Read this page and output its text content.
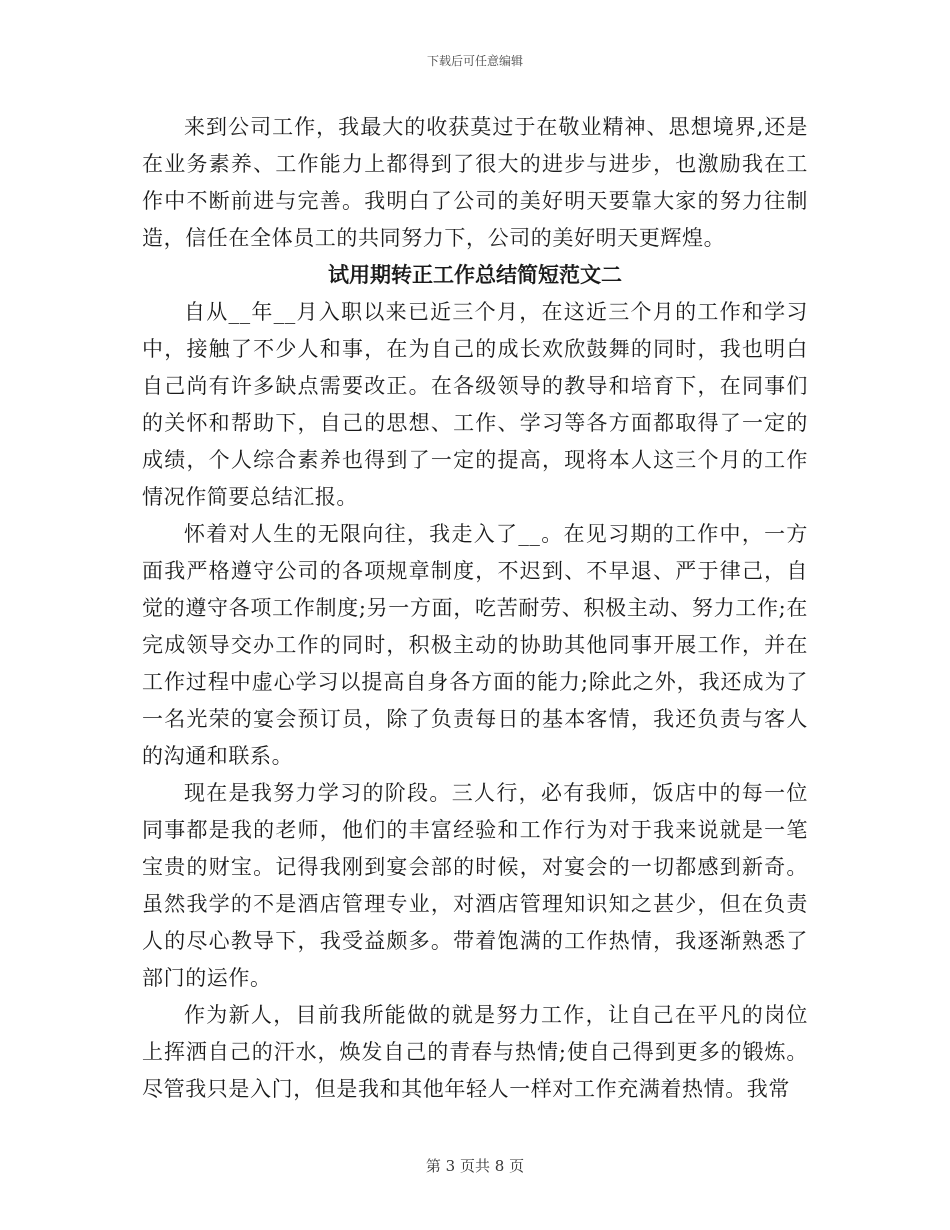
下载后可任意编辑

来到公司工作，我最大的收获莫过于在敬业精神、思想境界,还是在业务素养、工作能力上都得到了很大的进步与进步，也激励我在工作中不断前进与完善。我明白了公司的美好明天要靠大家的努力往制造，信任在全体员工的共同努力下，公司的美好明天更辉煌。

试用期转正工作总结简短范文二

自从__年__月入职以来已近三个月，在这近三个月的工作和学习中，接触了不少人和事，在为自己的成长欢欣鼓舞的同时，我也明白自己尚有许多缺点需要改正。在各级领导的教导和培育下，在同事们的关怀和帮助下，自己的思想、工作、学习等各方面都取得了一定的成绩，个人综合素养也得到了一定的提高，现将本人这三个月的工作情况作简要总结汇报。

怀着对人生的无限向往，我走入了__。在见习期的工作中，一方面我严格遵守公司的各项规章制度，不迟到、不早退、严于律己，自觉的遵守各项工作制度;另一方面，吃苦耐劳、积极主动、努力工作;在完成领导交办工作的同时，积极主动的协助其他同事开展工作，并在工作过程中虚心学习以提高自身各方面的能力;除此之外，我还成为了一名光荣的宴会预订员，除了负责每日的基本客情，我还负责与客人的沟通和联系。

现在是我努力学习的阶段。三人行，必有我师，饭店中的每一位同事都是我的老师，他们的丰富经验和工作行为对于我来说就是一笔宝贵的财宝。记得我刚到宴会部的时候，对宴会的一切都感到新奇。虽然我学的不是酒店管理专业，对酒店管理知识知之甚少，但在负责人的尽心教导下，我受益颇多。带着饱满的工作热情，我逐渐熟悉了部门的运作。

作为新人，目前我所能做的就是努力工作，让自己在平凡的岗位上挥洒自己的汗水，焕发自己的青春与热情;使自己得到更多的锻炼。尽管我只是入门，但是我和其他年轻人一样对工作充满着热情。我常

第 3 页共 8 页
